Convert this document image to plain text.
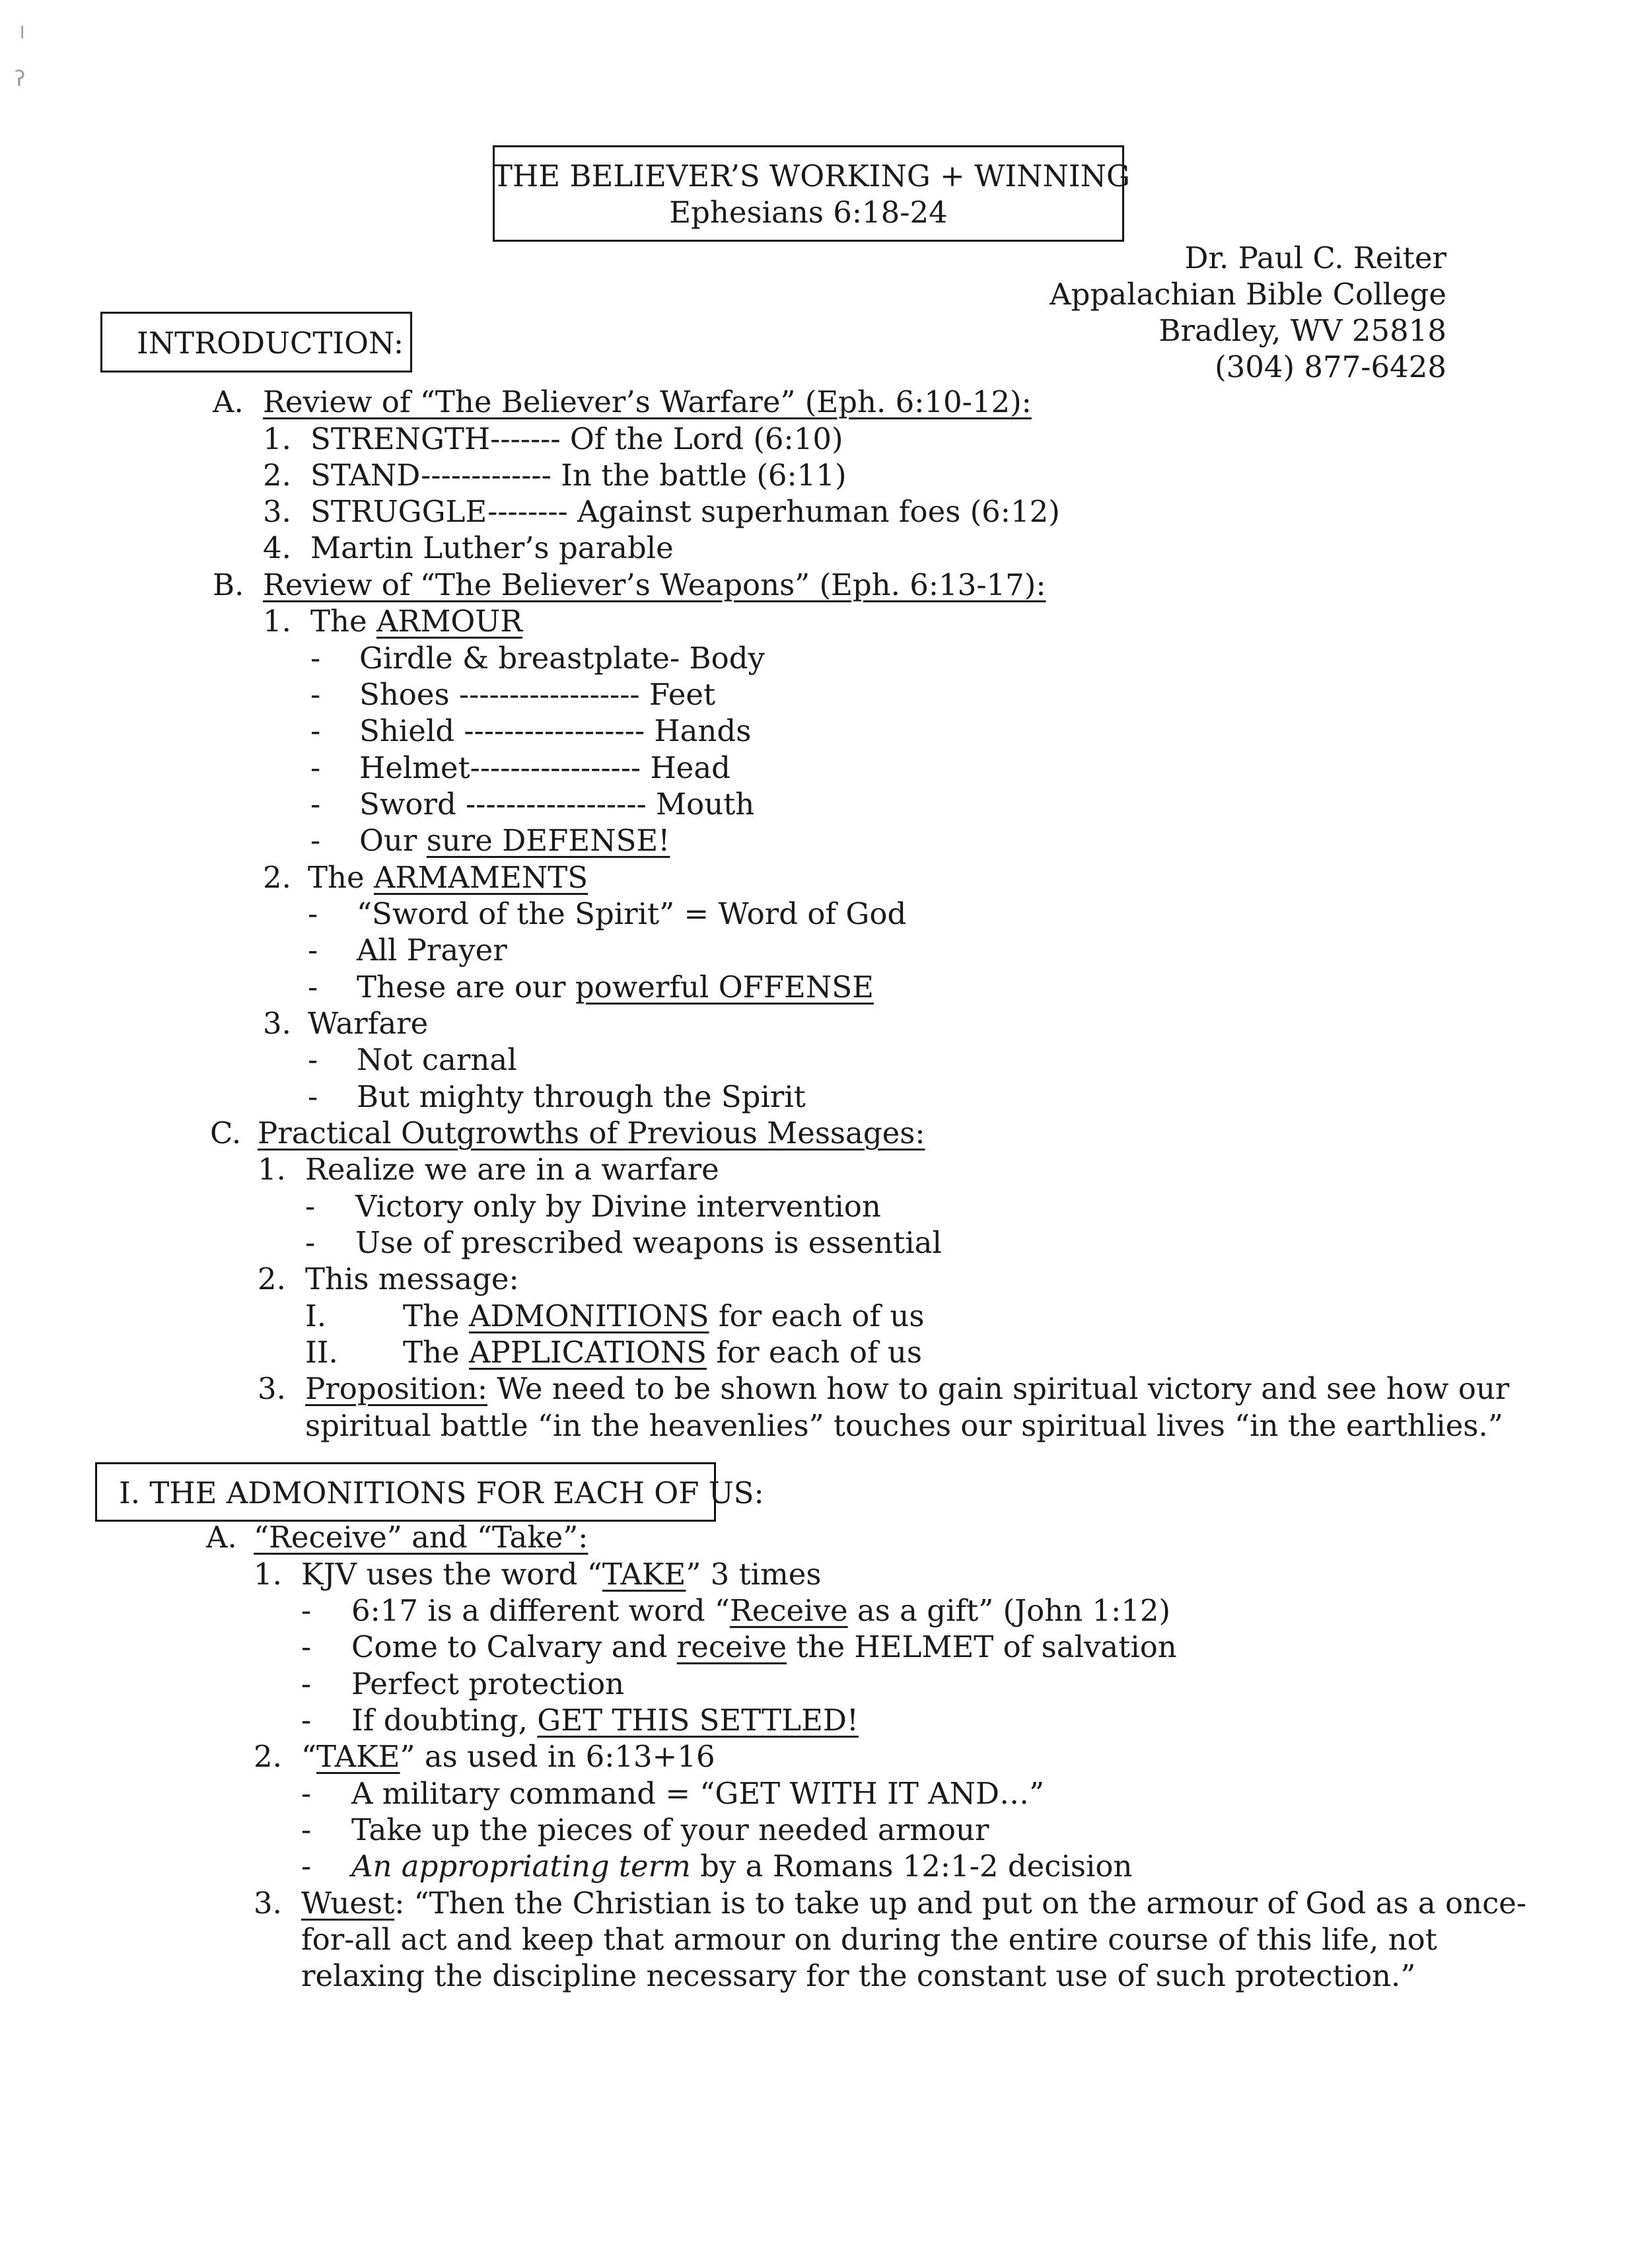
╷
ʔ
THE BELIEVER’S WORKING + WINNING
Ephesians 6:18-24
Dr. Paul C. Reiter
Appalachian Bible College
Bradley, WV 25818
(304) 877-6428
INTRODUCTION:
A. Review of “The Believer’s Warfare” (Eph. 6:10-12):
1. STRENGTH------- Of the Lord (6:10)
2. STAND------------- In the battle (6:11)
3. STRUGGLE-------- Against superhuman foes (6:12)
4. Martin Luther’s parable
B. Review of “The Believer’s Weapons” (Eph. 6:13-17):
1. The ARMOUR
- Girdle & breastplate- Body
- Shoes ------------------ Feet
- Shield ------------------ Hands
- Helmet----------------- Head
- Sword ------------------ Mouth
- Our sure DEFENSE!
2. The ARMAMENTS
- “Sword of the Spirit” = Word of God
- All Prayer
- These are our powerful OFFENSE
3. Warfare
- Not carnal
- But mighty through the Spirit
C. Practical Outgrowths of Previous Messages:
1. Realize we are in a warfare
- Victory only by Divine intervention
- Use of prescribed weapons is essential
2. This message:
I.	The ADMONITIONS for each of us
II. The APPLICATIONS for each of us
3. Proposition: We need to be shown how to gain spiritual victory and see how our
spiritual battle “in the heavenlies” touches our spiritual lives “in the earthlies.”
I. THE ADMONITIONS FOR EACH OF US:
A. “Receive” and “Take”:
1. KJV uses the word “TAKE” 3 times
- 6:17 is a different word “Receive as a gift” (John 1:12)
- Come to Calvary and receive the HELMET of salvation
- Perfect protection
- If doubting, GET THIS SETTLED!
2. “TAKE” as used in 6:13+16
- A military command = “GET WITH IT AND…”
- Take up the pieces of your needed armour
- An appropriating term by a Romans 12:1-2 decision
3. Wuest: “Then the Christian is to take up and put on the armour of God as a once-
for-all act and keep that armour on during the entire course of this life, not
relaxing the discipline necessary for the constant use of such protection.”
